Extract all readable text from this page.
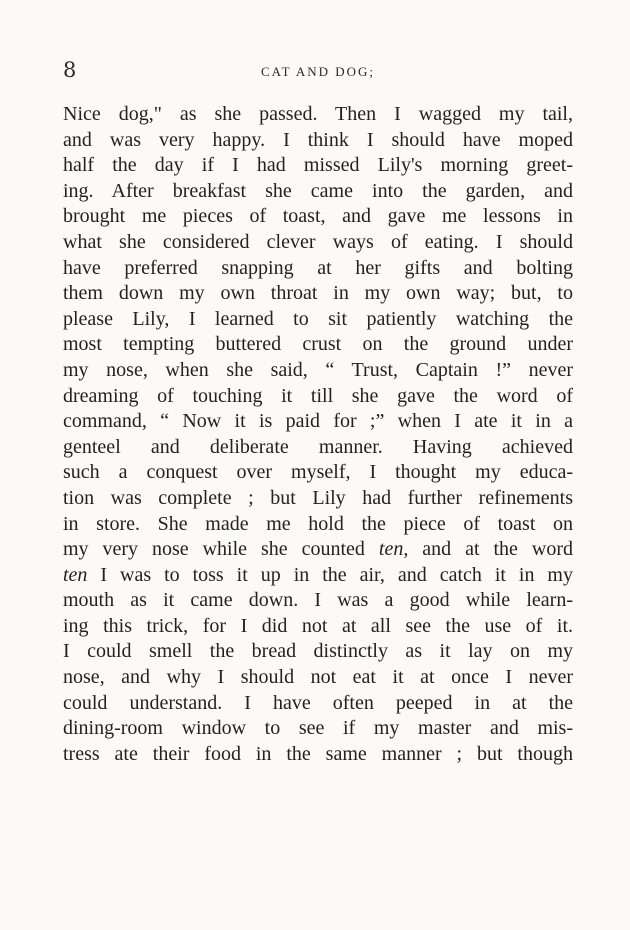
8	CAT AND DOG;
Nice dog," as she passed. Then I wagged my tail,
and was very happy. I think I should have moped
half the day if I had missed Lily's morning greet-
ing. After breakfast she came into the garden, and
brought me pieces of toast, and gave me lessons in
what she considered clever ways of eating. I should
have preferred snapping at her gifts and bolting
them down my own throat in my own way; but, to
please Lily, I learned to sit patiently watching the
most tempting buttered crust on the ground under
my nose, when she said, “ Trust, Captain !” never
dreaming of touching it till she gave the word of
command, “ Now it is paid for ;” when I ate it in a
genteel and deliberate manner. Having achieved
such a conquest over myself, I thought my educa-
tion was complete ; but Lily had further refinements
in store. She made me hold the piece of toast on
my very nose while she counted ten, and at the word
ten I was to toss it up in the air, and catch it in my
mouth as it came down. I was a good while learn-
ing this trick, for I did not at all see the use of it.
I could smell the bread distinctly as it lay on my
nose, and why I should not eat it at once I never
could understand. I have often peeped in at the
dining-room window to see if my master and mis-
tress ate their food in the same manner ; but though
